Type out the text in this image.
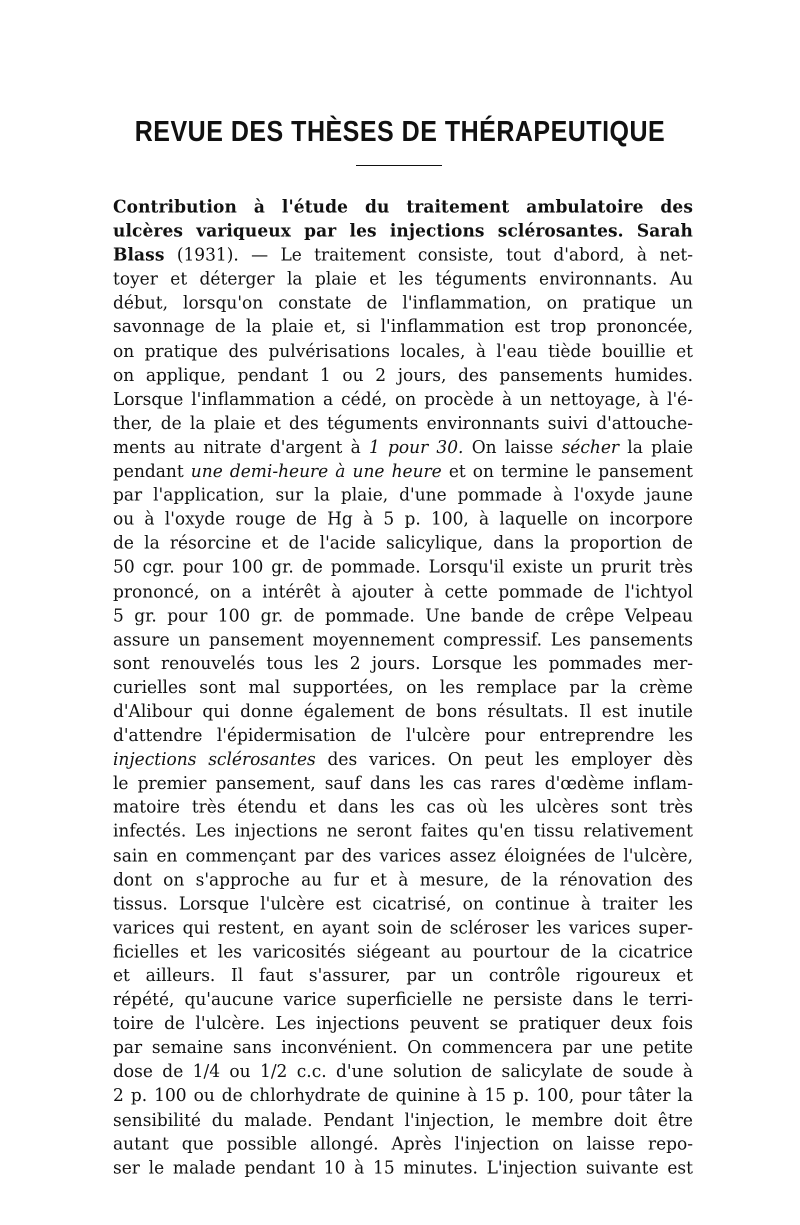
REVUE DES THÈSES DE THÉRAPEUTIQUE
Contribution à l'étude du traitement ambulatoire des
ulcères variqueux par les injections sclérosantes. Sarah
Blass (1931). — Le traitement consiste, tout d'abord, à net-
toyer et déterger la plaie et les téguments environnants. Au
début, lorsqu'on constate de l'inflammation, on pratique un
savonnage de la plaie et, si l'inflammation est trop prononcée,
on pratique des pulvérisations locales, à l'eau tiède bouillie et
on applique, pendant 1 ou 2 jours, des pansements humides.
Lorsque l'inflammation a cédé, on procède à un nettoyage, à l'é-
ther, de la plaie et des téguments environnants suivi d'attouche-
ments au nitrate d'argent à 1 pour 30. On laisse sécher la plaie
pendant une demi-heure à une heure et on termine le pansement
par l'application, sur la plaie, d'une pommade à l'oxyde jaune
ou à l'oxyde rouge de Hg à 5 p. 100, à laquelle on incorpore
de la résorcine et de l'acide salicylique, dans la proportion de
50 cgr. pour 100 gr. de pommade. Lorsqu'il existe un prurit très
prononcé, on a intérêt à ajouter à cette pommade de l'ichtyol
5 gr. pour 100 gr. de pommade. Une bande de crêpe Velpeau
assure un pansement moyennement compressif. Les pansements
sont renouvelés tous les 2 jours. Lorsque les pommades mer-
curielles sont mal supportées, on les remplace par la crème
d'Alibour qui donne également de bons résultats. Il est inutile
d'attendre l'épidermisation de l'ulcère pour entreprendre les
injections sclérosantes des varices. On peut les employer dès
le premier pansement, sauf dans les cas rares d'œdème inflam-
matoire très étendu et dans les cas où les ulcères sont très
infectés. Les injections ne seront faites qu'en tissu relativement
sain en commençant par des varices assez éloignées de l'ulcère,
dont on s'approche au fur et à mesure, de la rénovation des
tissus. Lorsque l'ulcère est cicatrisé, on continue à traiter les
varices qui restent, en ayant soin de scléroser les varices super-
ficielles et les varicosités siégeant au pourtour de la cicatrice
et ailleurs. Il faut s'assurer, par un contrôle rigoureux et
répété, qu'aucune varice superficielle ne persiste dans le terri-
toire de l'ulcère. Les injections peuvent se pratiquer deux fois
par semaine sans inconvénient. On commencera par une petite
dose de 1/4 ou 1/2 c.c. d'une solution de salicylate de soude à
2 p. 100 ou de chlorhydrate de quinine à 15 p. 100, pour tâter la
sensibilité du malade. Pendant l'injection, le membre doit être
autant que possible allongé. Après l'injection on laisse repo-
ser le malade pendant 10 à 15 minutes. L'injection suivante est
